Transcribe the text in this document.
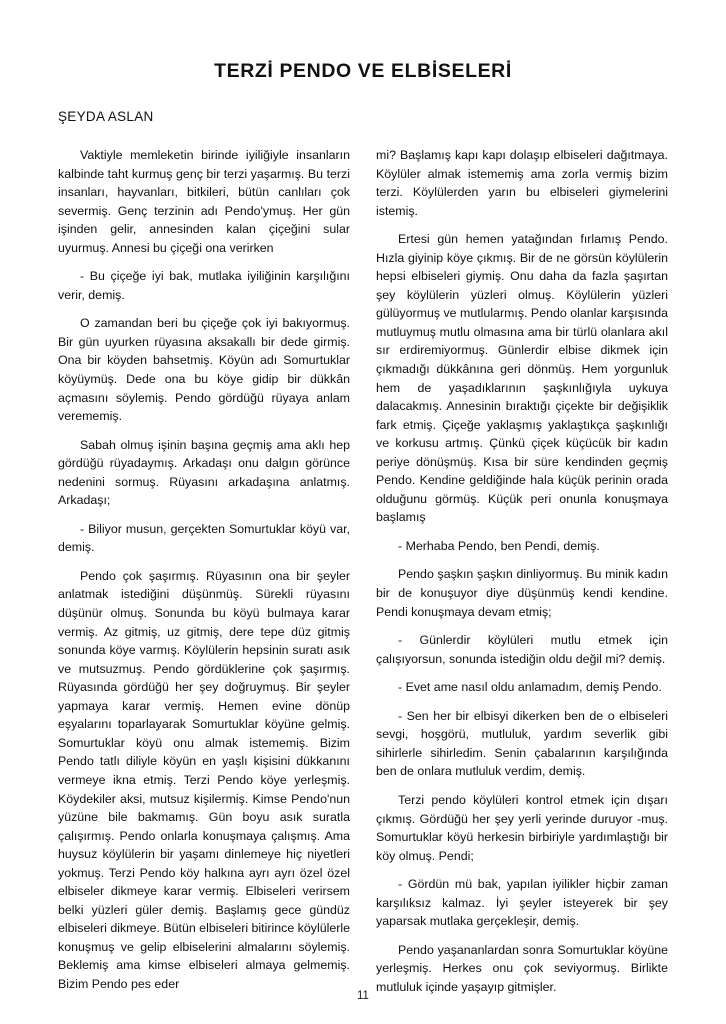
TERZİ PENDO VE ELBİSELERİ
ŞEYDA ASLAN

Vaktiyle memleketin birinde iyiliğiyle insanların kalbinde taht kurmuş genç bir terzi yaşarmış. Bu terzi insanları, hayvanları, bitkileri, bütün canlıları çok severmiş. Genç terzinin adı Pendo'ymuş. Her gün işinden gelir, annesinden kalan çiçeğini sular uyurmuş. Annesi bu çiçeği ona verirken

- Bu çiçeğe iyi bak, mutlaka iyiliğinin karşılığını verir, demiş.

O zamandan beri bu çiçeğe çok iyi bakıyormuş. Bir gün uyurken rüyasına aksakallı bir dede girmiş. Ona bir köyden bahsetmiş. Köyün adı Somurtuklar köyüymüş. Dede ona bu köye gidip bir dükkân açmasını söylemiş. Pendo gördüğü rüyaya anlam verememiş.

Sabah olmuş işinin başına geçmiş ama aklı hep gördüğü rüyadaymış. Arkadaşı onu dalgın görünce nedenini sormuş. Rüyasını arkadaşına anlatmış. Arkadaşı;

- Biliyor musun, gerçekten Somurtuklar köyü var, demiş.

Pendo çok şaşırmış. Rüyasının ona bir şeyler anlatmak istediğini düşünmüş. Sürekli rüyasını düşünür olmuş. Sonunda bu köyü bulmaya karar vermiş. Az gitmiş, uz gitmiş, dere tepe düz gitmiş sonunda köye varmış. Köylülerin hepsinin suratı asık ve mutsuzmuş. Pendo gördüklerine çok şaşırmış. Rüyasında gördüğü her şey doğruymuş. Bir şeyler yapmaya karar vermiş. Hemen evine dönüp eşyalarını toparlayarak Somurtuklar köyüne gelmiş. Somurtuklar köyü onu almak istememiş. Bizim Pendo tatlı diliyle köyün en yaşlı kişisini dükkanını vermeye ikna etmiş. Terzi Pendo köye yerleşmiş. Köydekiler aksi, mutsuz kişilermiş. Kimse Pendo'nun yüzüne bile bakmamış. Gün boyu asık suratla çalışırmış. Pendo onlarla konuşmaya çalışmış. Ama huysuz köylülerin bir yaşamı dinlemeye hiç niyetleri yokmuş. Terzi Pendo köy halkına ayrı ayrı özel özel elbiseler dikmeye karar vermiş. Elbiseleri verirsem belki yüzleri güler demiş. Başlamış gece gündüz elbiseleri dikmeye. Bütün elbiseleri bitirince köylülerle konuşmuş ve gelip elbiselerini almalarını söylemiş. Beklemiş ama kimse elbiseleri almaya gelmemiş. Bizim Pendo pes eder

mi? Başlamış kapı kapı dolaşıp elbiseleri dağıtmaya. Köylüler almak istememiş ama zorla vermiş bizim terzi. Köylülerden yarın bu elbiseleri giymelerini istemiş.

Ertesi gün hemen yatağından fırlamış Pendo. Hızla giyinip köye çıkmış. Bir de ne görsün köylülerin hepsi elbiseleri giymiş. Onu daha da fazla şaşırtan şey köylülerin yüzleri olmuş. Köylülerin yüzleri gülüyormuş ve mutlularmış. Pendo olanlar karşısında mutluymuş mutlu olmasına ama bir türlü olanlara akıl sır erdiremiyormuş. Günlerdir elbise dikmek için çıkmadığı dükkânına geri dönmüş. Hem yorgunluk hem de yaşadıklarının şaşkınlığıyla uykuya dalacakmış. Annesinin bıraktığı çiçekte bir değişiklik fark etmiş. Çiçeğe yaklaşmış yaklaştıkça şaşkınlığı ve korkusu artmış. Çünkü çiçek küçücük bir kadın periye dönüşmüş. Kısa bir süre kendinden geçmiş Pendo. Kendine geldiğinde hala küçük perinin orada olduğunu görmüş. Küçük peri onunla konuşmaya başlamış

- Merhaba Pendo, ben Pendi, demiş.

Pendo şaşkın şaşkın dinliyormuş. Bu minik kadın bir de konuşuyor diye düşünmüş kendi kendine. Pendi konuşmaya devam etmiş;

- Günlerdir köylüleri mutlu etmek için çalışıyorsun, sonunda istediğin oldu değil mi? demiş.

- Evet ame nasıl oldu anlamadım, demiş Pendo.

- Sen her bir elbisyi dikerken ben de o elbiseleri sevgi, hoşgörü, mutluluk, yardım severlik gibi sihirlerle sihirledim. Senin çabalarının karşılığında ben de onlara mutluluk verdim, demiş.

Terzi pendo köylüleri kontrol etmek için dışarı çıkmış. Gördüğü her şey yerli yerinde duruyor -muş. Somurtuklar köyü herkesin birbiriyle yardımlaştığı bir köy olmuş. Pendi;

- Gördün mü bak, yapılan iyilikler hiçbir zaman karşılıksız kalmaz. İyi şeyler isteyerek bir şey yaparsak mutlaka gerçekleşir, demiş.

Pendo yaşananlardan sonra Somurtuklar köyüne yerleşmiş. Herkes onu çok seviyormuş. Birlikte mutluluk içinde yaşayıp gitmişler.

11
